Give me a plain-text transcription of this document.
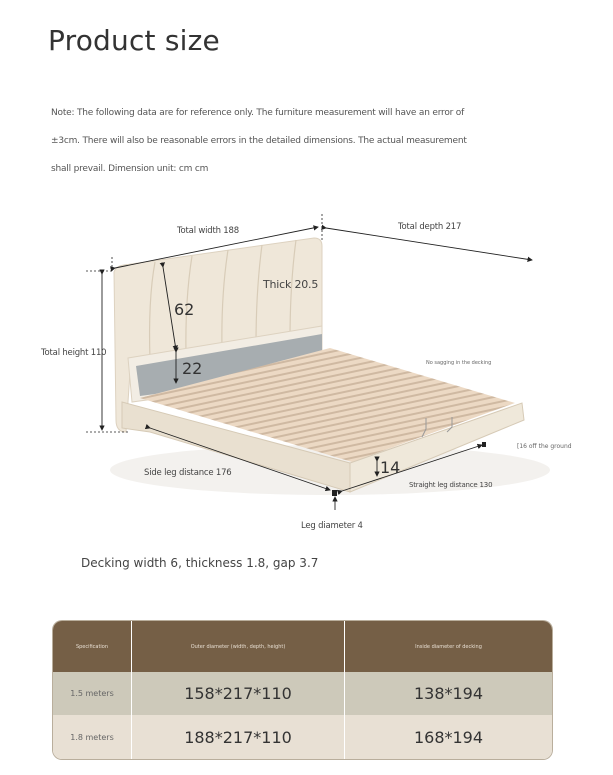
Product size
Note: The following data are for reference only. The furniture measurement will have an error of
±3cm. There will also be reasonable errors in the detailed dimensions. The actual measurement
shall prevail. Dimension unit: cm cm
Total width 188	Total depth 217
Total height 110
Thick 20.5
62
22
14
No sagging in the decking
[16 off the ground
Side leg distance 176
Straight leg distance 130
Leg diameter 4
Decking width 6, thickness 1.8, gap 3.7
Specification	Outer diameter (width, depth, height)	Inside diameter of decking
1.5 meters	158*217*110	138*194
1.8 meters	188*217*110	168*194
